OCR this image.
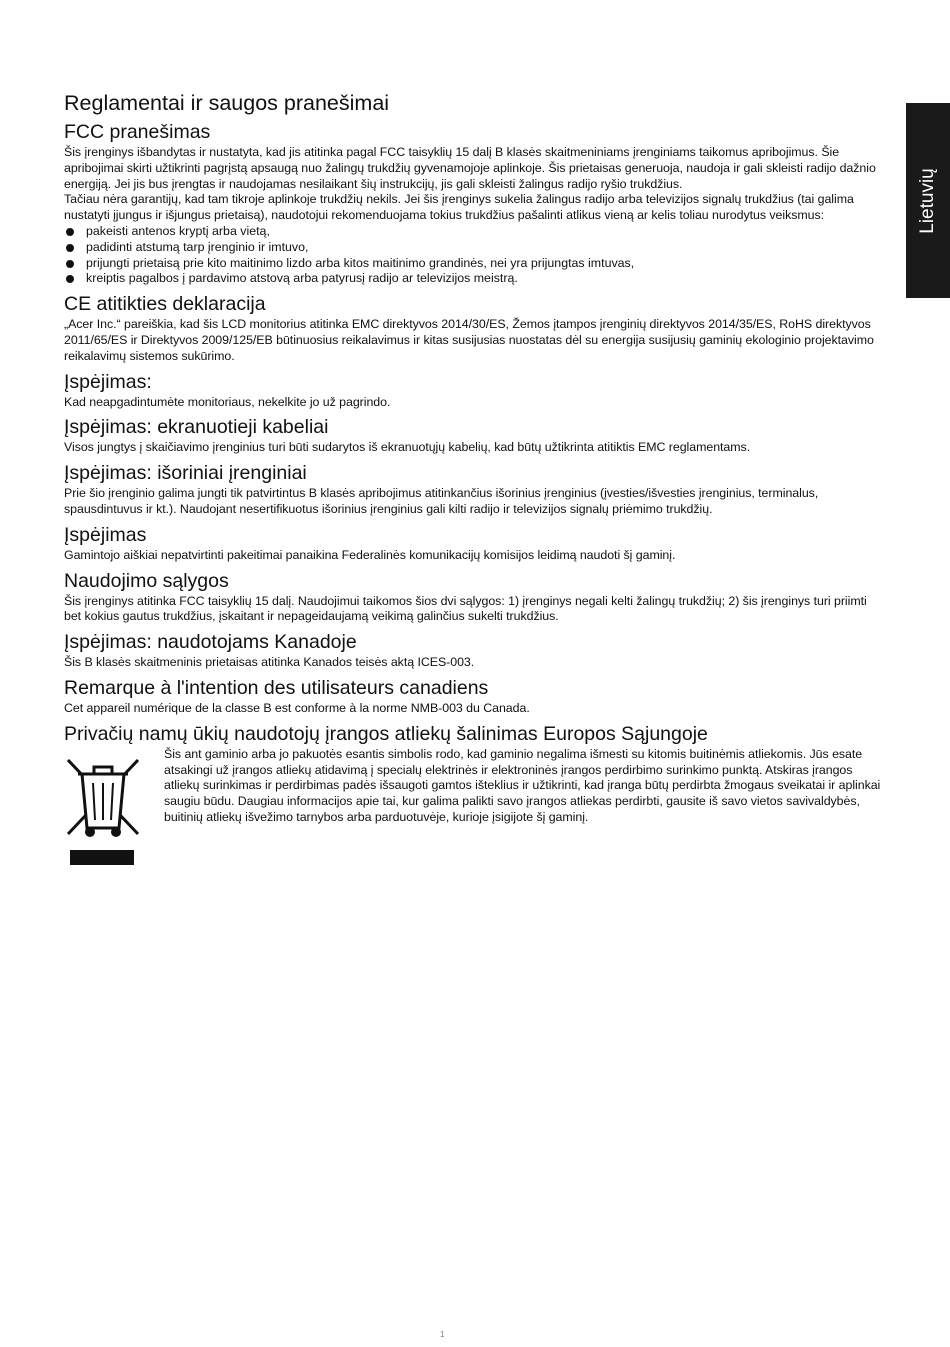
Lietuvių
Reglamentai ir saugos pranešimai
FCC pranešimas

Šis įrenginys išbandytas ir nustatyta, kad jis atitinka pagal FCC taisyklių 15 dalį B klasės skaitmeniniams įrenginiams taikomus apribojimus. Šie apribojimai skirti užtikrinti pagrįstą apsaugą nuo žalingų trukdžių gyvenamojoje aplinkoje. Šis prietaisas generuoja, naudoja ir gali skleisti radijo dažnio energiją. Jei jis bus įrengtas ir naudojamas nesilaikant šių instrukcijų, jis gali skleisti žalingus radijo ryšio trukdžius.

Tačiau nėra garantijų, kad tam tikroje aplinkoje trukdžių nekils. Jei šis įrenginys sukelia žalingus radijo arba televizijos signalų trukdžius (tai galima nustatyti įjungus ir išjungus prietaisą), naudotojui rekomenduojama tokius trukdžius pašalinti atlikus vieną ar kelis toliau nurodytus veiksmus:

pakeisti antenos kryptį arba vietą,
padidinti atstumą tarp įrenginio ir imtuvo,
prijungti prietaisą prie kito maitinimo lizdo arba kitos maitinimo grandinės, nei yra prijungtas imtuvas,
kreiptis pagalbos į pardavimo atstovą arba patyrusį radijo ar televizijos meistrą.
CE atitikties deklaracija

„Acer Inc.“ pareiškia, kad šis LCD monitorius atitinka EMC direktyvos 2014/30/ES, Žemos įtampos įrenginių direktyvos 2014/35/ES, RoHS direktyvos 2011/65/ES ir Direktyvos 2009/125/EB būtinuosius reikalavimus ir kitas susijusias nuostatas dėl su energija susijusių gaminių ekologinio projektavimo reikalavimų sistemos sukūrimo.

Įspėjimas:

Kad neapgadintumėte monitoriaus, nekelkite jo už pagrindo.

Įspėjimas: ekranuotieji kabeliai

Visos jungtys į skaičiavimo įrenginius turi būti sudarytos iš ekranuotųjų kabelių, kad būtų užtikrinta atitiktis EMC reglamentams.

Įspėjimas: išoriniai įrenginiai

Prie šio įrenginio galima jungti tik patvirtintus B klasės apribojimus atitinkančius išorinius įrenginius (įvesties/išvesties įrenginius, terminalus, spausdintuvus ir kt.). Naudojant nesertifikuotus išorinius įrenginius gali kilti radijo ir televizijos signalų priėmimo trukdžių.

Įspėjimas

Gamintojo aiškiai nepatvirtinti pakeitimai panaikina Federalinės komunikacijų komisijos leidimą naudoti šį gaminį.

Naudojimo sąlygos

Šis įrenginys atitinka FCC taisyklių 15 dalį. Naudojimui taikomos šios dvi sąlygos: 1) įrenginys negali kelti žalingų trukdžių; 2) šis įrenginys turi priimti bet kokius gautus trukdžius, įskaitant ir nepageidaujamą veikimą galinčius sukelti trukdžius.

Įspėjimas: naudotojams Kanadoje

Šis B klasės skaitmeninis prietaisas atitinka Kanados teisės aktą ICES-003.

Remarque à l'intention des utilisateurs canadiens

Cet appareil numérique de la classe B est conforme à la norme NMB-003 du Canada.

Privačių namų ūkių naudotojų įrangos atliekų šalinimas Europos Sąjungoje

Šis ant gaminio arba jo pakuotės esantis simbolis rodo, kad gaminio negalima išmesti su kitomis buitinėmis atliekomis. Jūs esate atsakingi už įrangos atliekų atidavimą į specialų elektrinės ir elektroninės įrangos perdirbimo surinkimo punktą. Atskiras įrangos atliekų surinkimas ir perdirbimas padės išsaugoti gamtos išteklius ir užtikrinti, kad įranga būtų perdirbta žmogaus sveikatai ir aplinkai saugiu būdu. Daugiau informacijos apie tai, kur galima palikti savo įrangos atliekas perdirbti, gausite iš savo vietos savivaldybės, buitinių atliekų išvežimo tarnybos arba parduotuvėje, kurioje įsigijote šį gaminį.

1
